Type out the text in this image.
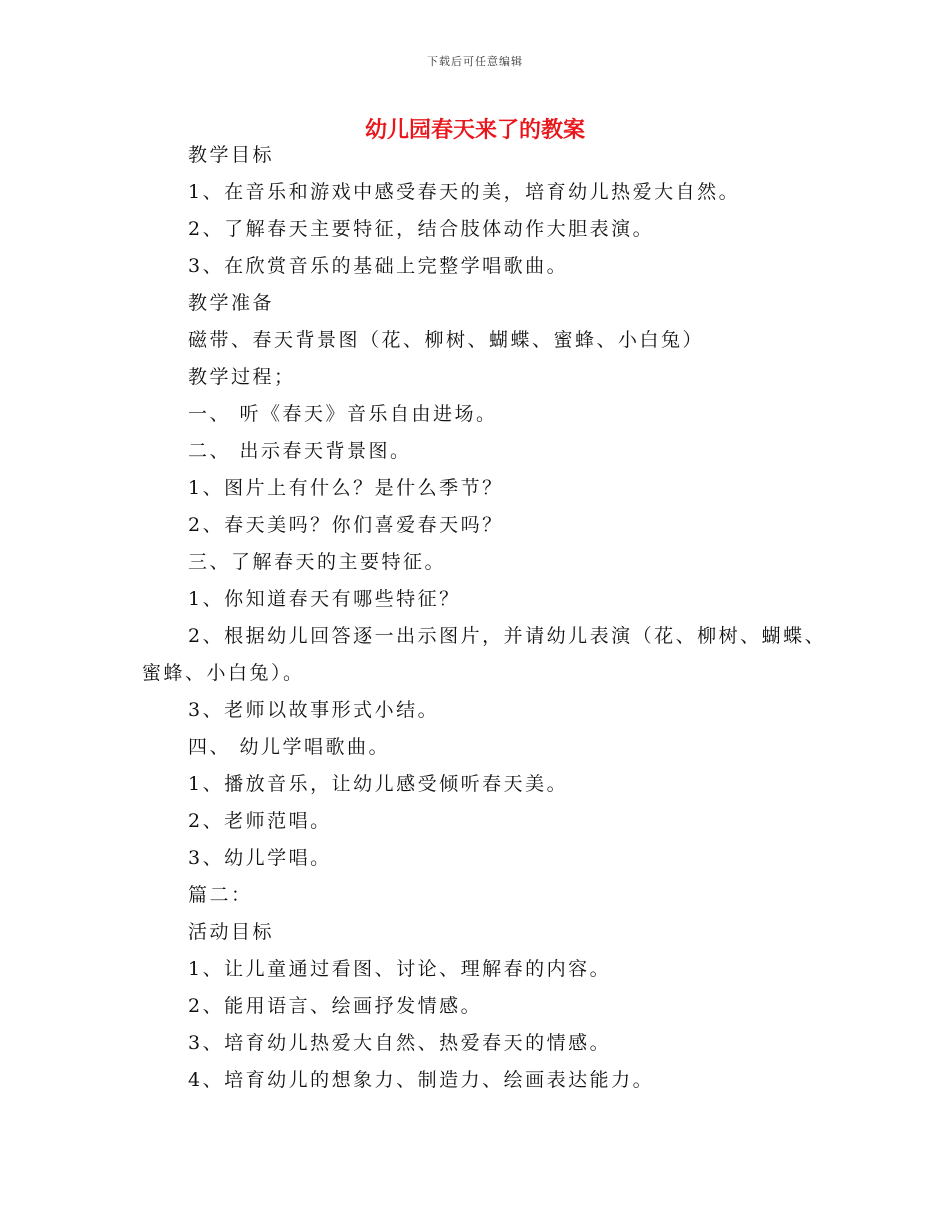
下载后可任意编辑
幼儿园春天来了的教案
教学目标
1、在音乐和游戏中感受春天的美，培育幼儿热爱大自然。
2、了解春天主要特征，结合肢体动作大胆表演。
3、在欣赏音乐的基础上完整学唱歌曲。
教学准备
磁带、春天背景图（花、柳树、蝴蝶、蜜蜂、小白兔）
教学过程；
一、 听《春天》音乐自由进场。
二、 出示春天背景图。
1、图片上有什么？是什么季节？
2、春天美吗？你们喜爱春天吗？
三、了解春天的主要特征。
1、你知道春天有哪些特征？
2、根据幼儿回答逐一出示图片，并请幼儿表演（花、柳树、蝴蝶、
蜜蜂、小白兔）。
3、老师以故事形式小结。
四、 幼儿学唱歌曲。
1、播放音乐，让幼儿感受倾听春天美。
2、老师范唱。
3、幼儿学唱。
篇二：
活动目标
1、让儿童通过看图、讨论、理解春的内容。
2、能用语言、绘画抒发情感。
3、培育幼儿热爱大自然、热爱春天的情感。
4、培育幼儿的想象力、制造力、绘画表达能力。
